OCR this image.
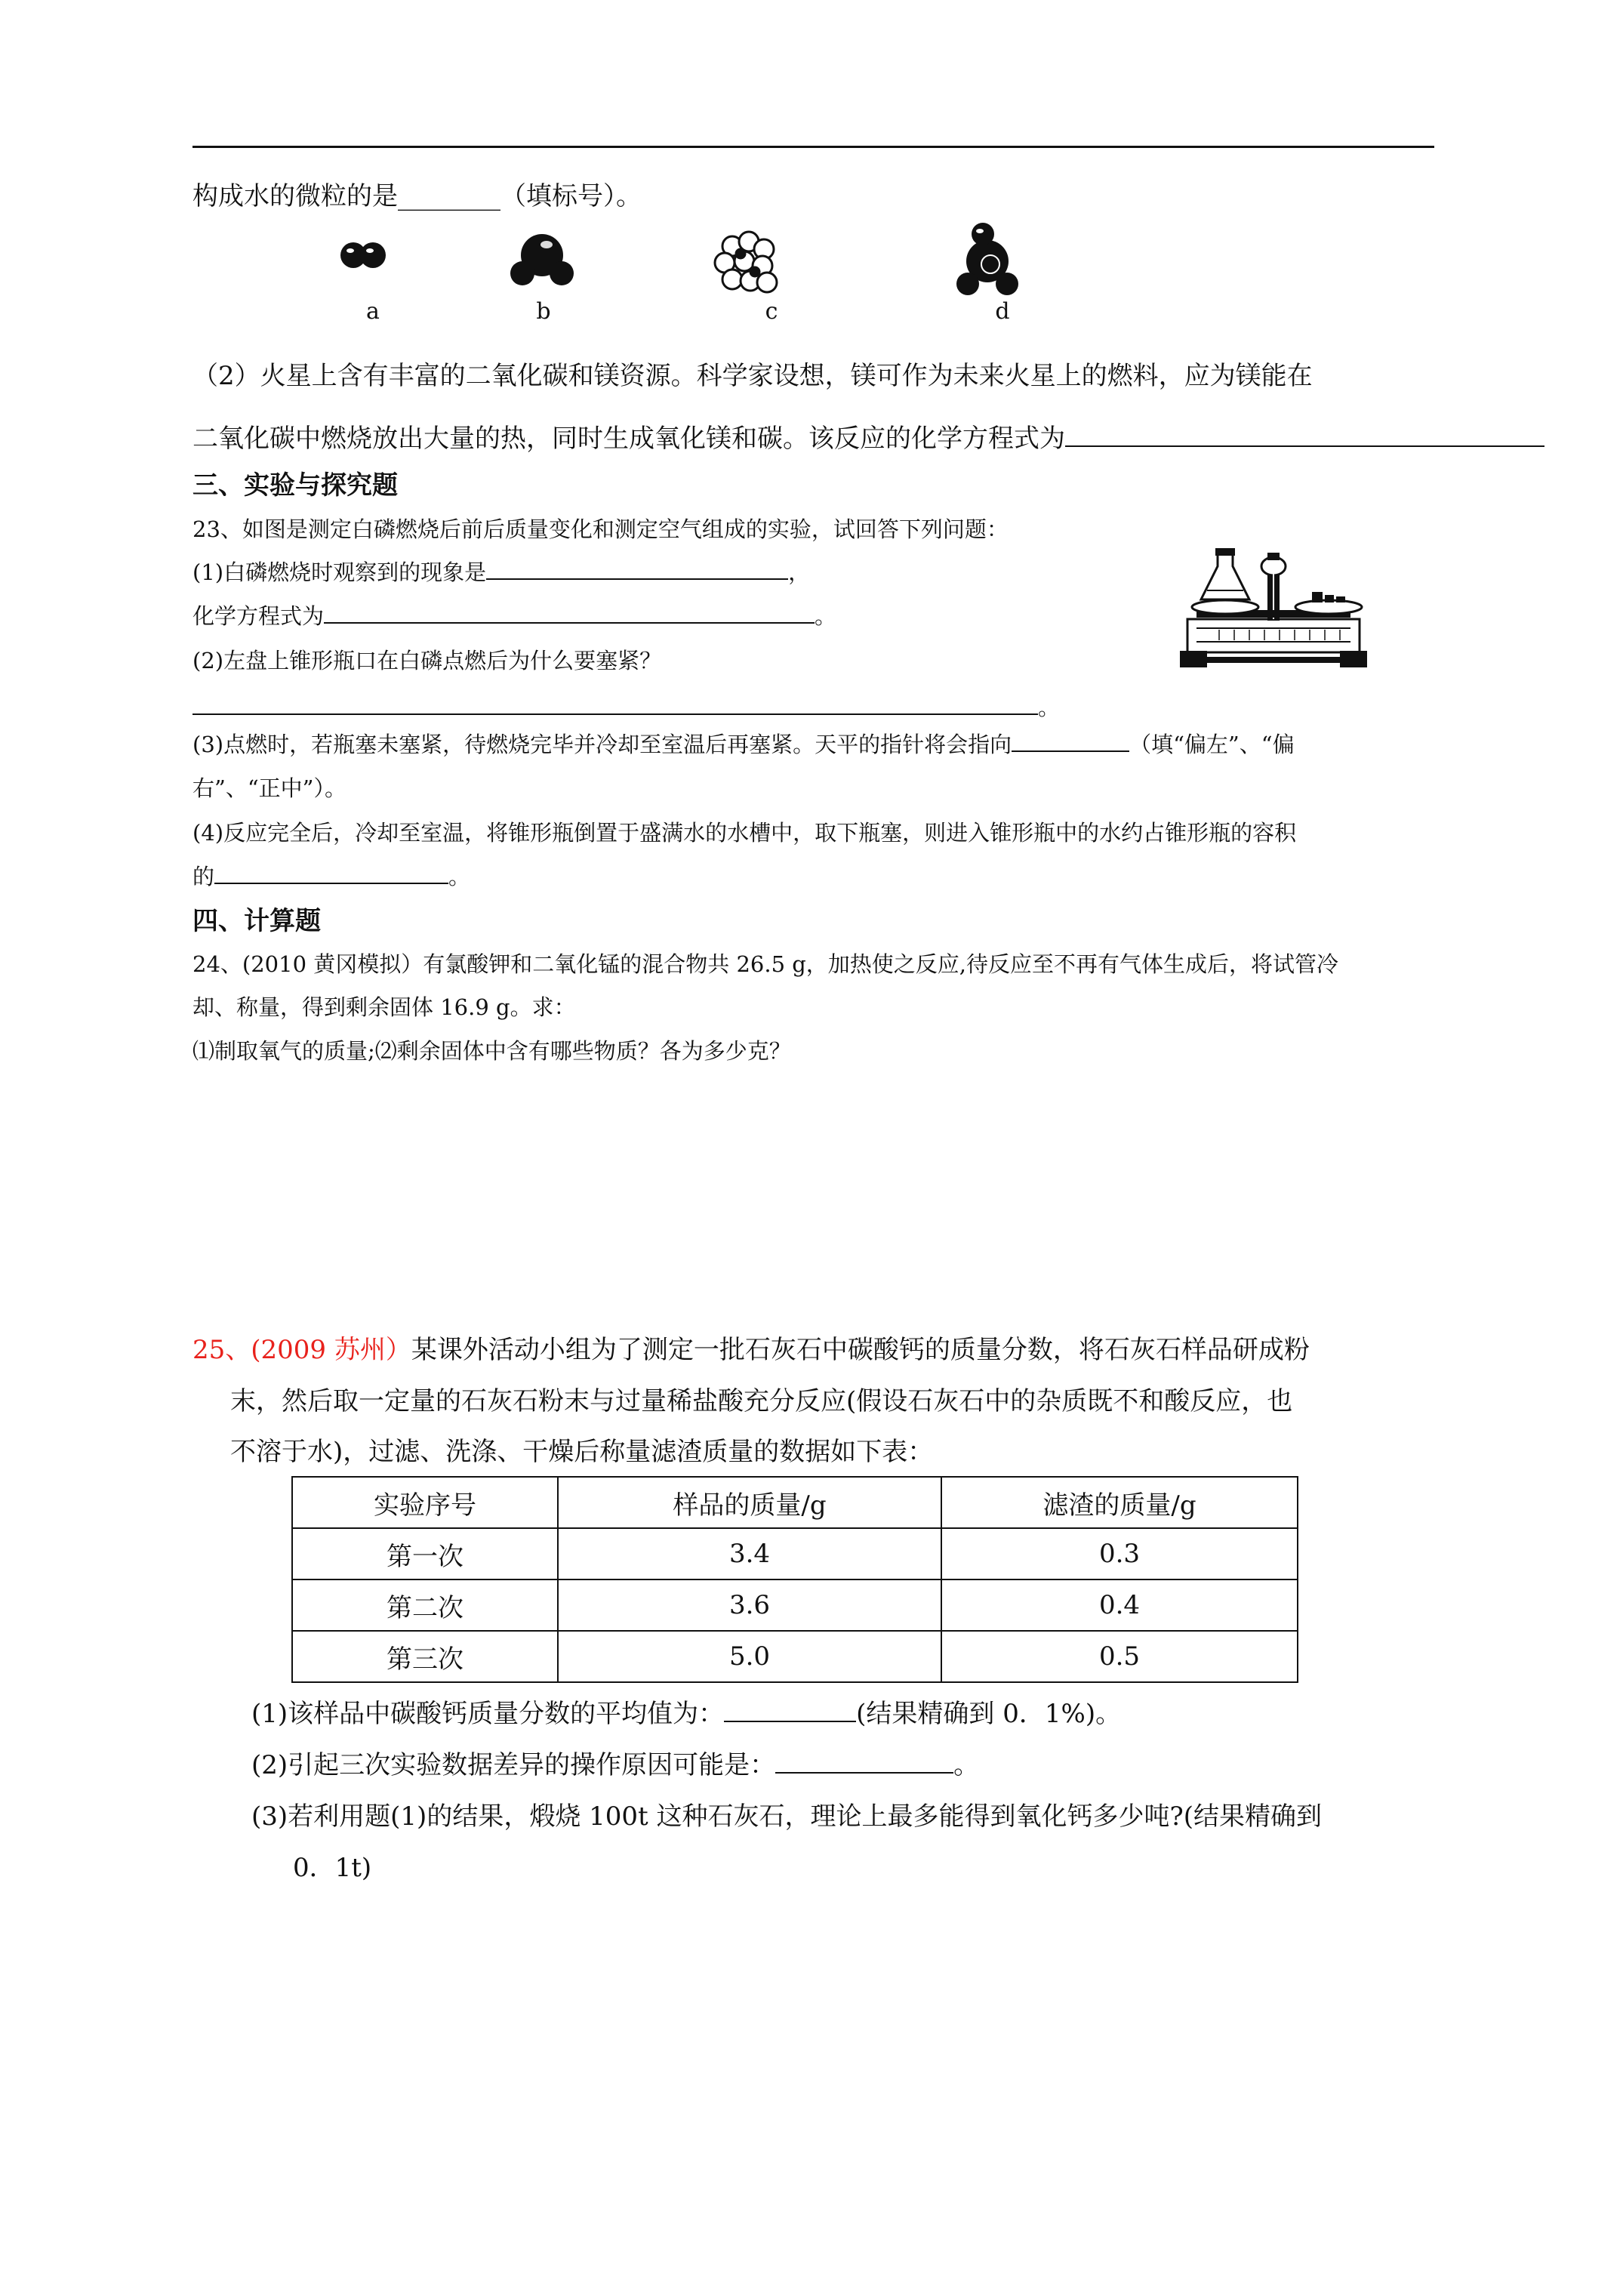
构成水的微粒的是________（填标号）。
a	b	c	d
（2）火星上含有丰富的二氧化碳和镁资源。科学家设想，镁可作为未来火星上的燃料，应为镁能在
二氧化碳中燃烧放出大量的热，同时生成氧化镁和碳。该反应的化学方程式为
三、实验与探究题
23、如图是测定白磷燃烧后前后质量变化和测定空气组成的实验，试回答下列问题：
(1)白磷燃烧时观察到的现象是	，
化学方程式为	。
(2)左盘上锥形瓶口在白磷点燃后为什么要塞紧？
。
(3)点燃时，若瓶塞未塞紧，待燃烧完毕并冷却至室温后再塞紧。天平的指针将会指向	（填“偏左”、“偏
右”、“正中”）。
(4)反应完全后，冷却至室温，将锥形瓶倒置于盛满水的水槽中，取下瓶塞，则进入锥形瓶中的水约占锥形瓶的容积
的	。
四、计算题
24、(2010 黄冈模拟）有氯酸钾和二氧化锰的混合物共 26.5 g，加热使之反应,待反应至不再有气体生成后，将试管冷
却、称量，得到剩余固体 16.9 g。求：
⑴制取氧气的质量;⑵剩余固体中含有哪些物质？各为多少克？
25、(2009 苏州）某课外活动小组为了测定一批石灰石中碳酸钙的质量分数，将石灰石样品研成粉
末，然后取一定量的石灰石粉末与过量稀盐酸充分反应(假设石灰石中的杂质既不和酸反应，也
不溶于水)，过滤、洗涤、干燥后称量滤渣质量的数据如下表：
实验序号	样品的质量/g	滤渣的质量/g
第一次	3.4	0.3
第二次	3.6	0.4
第三次	5.0	0.5
(1)该样品中碳酸钙质量分数的平均值为：	(结果精确到 0．1%)。
(2)引起三次实验数据差异的操作原因可能是：	。
(3)若利用题(1)的结果，煅烧 100t 这种石灰石，理论上最多能得到氧化钙多少吨?(结果精确到
0．1t)
